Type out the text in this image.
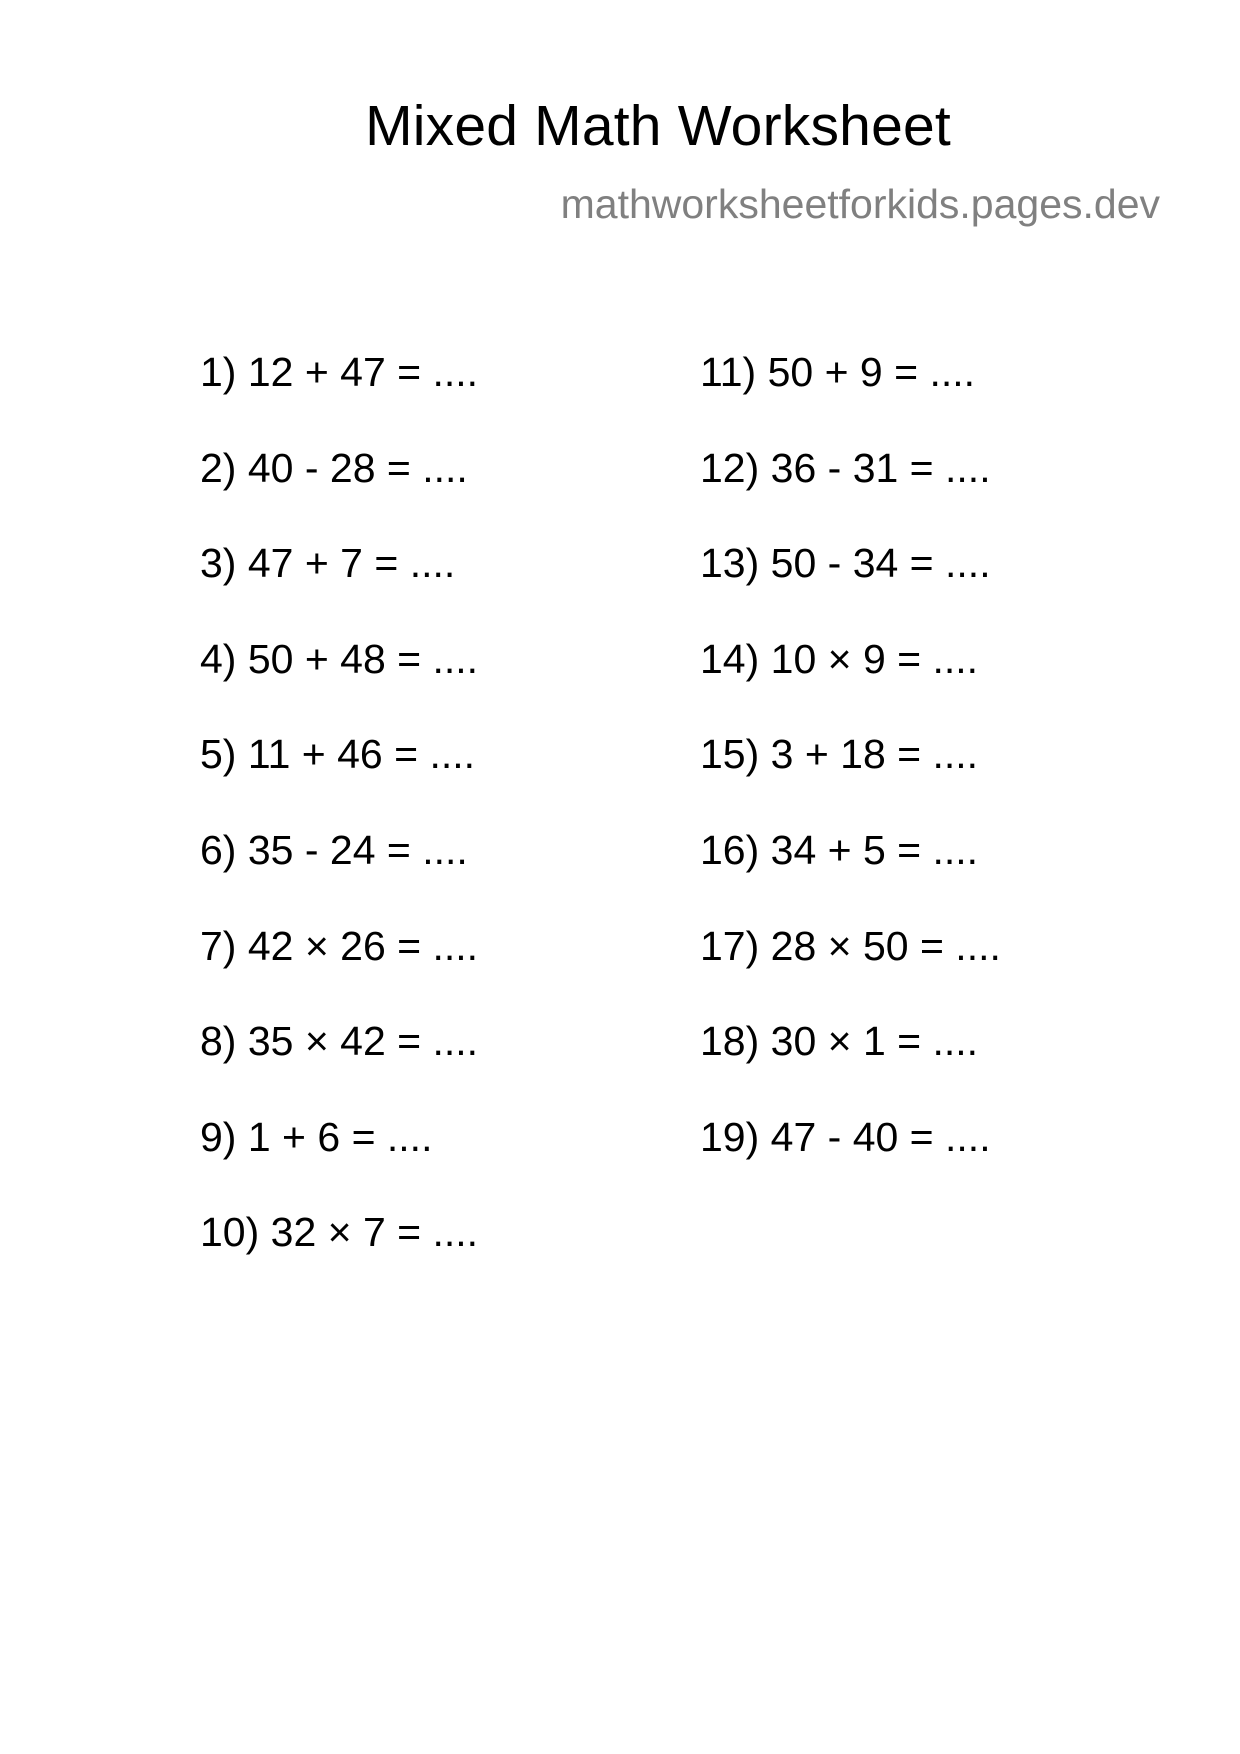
Mixed Math Worksheet
mathworksheetforkids.pages.dev
1) 12 + 47 = ....
2) 40 - 28 = ....
3) 47 + 7 = ....
4) 50 + 48 = ....
5) 11 + 46 = ....
6) 35 - 24 = ....
7) 42 × 26 = ....
8) 35 × 42 = ....
9) 1 + 6 = ....
10) 32 × 7 = ....
11) 50 + 9 = ....
12) 36 - 31 = ....
13) 50 - 34 = ....
14) 10 × 9 = ....
15) 3 + 18 = ....
16) 34 + 5 = ....
17) 28 × 50 = ....
18) 30 × 1 = ....
19) 47 - 40 = ....
